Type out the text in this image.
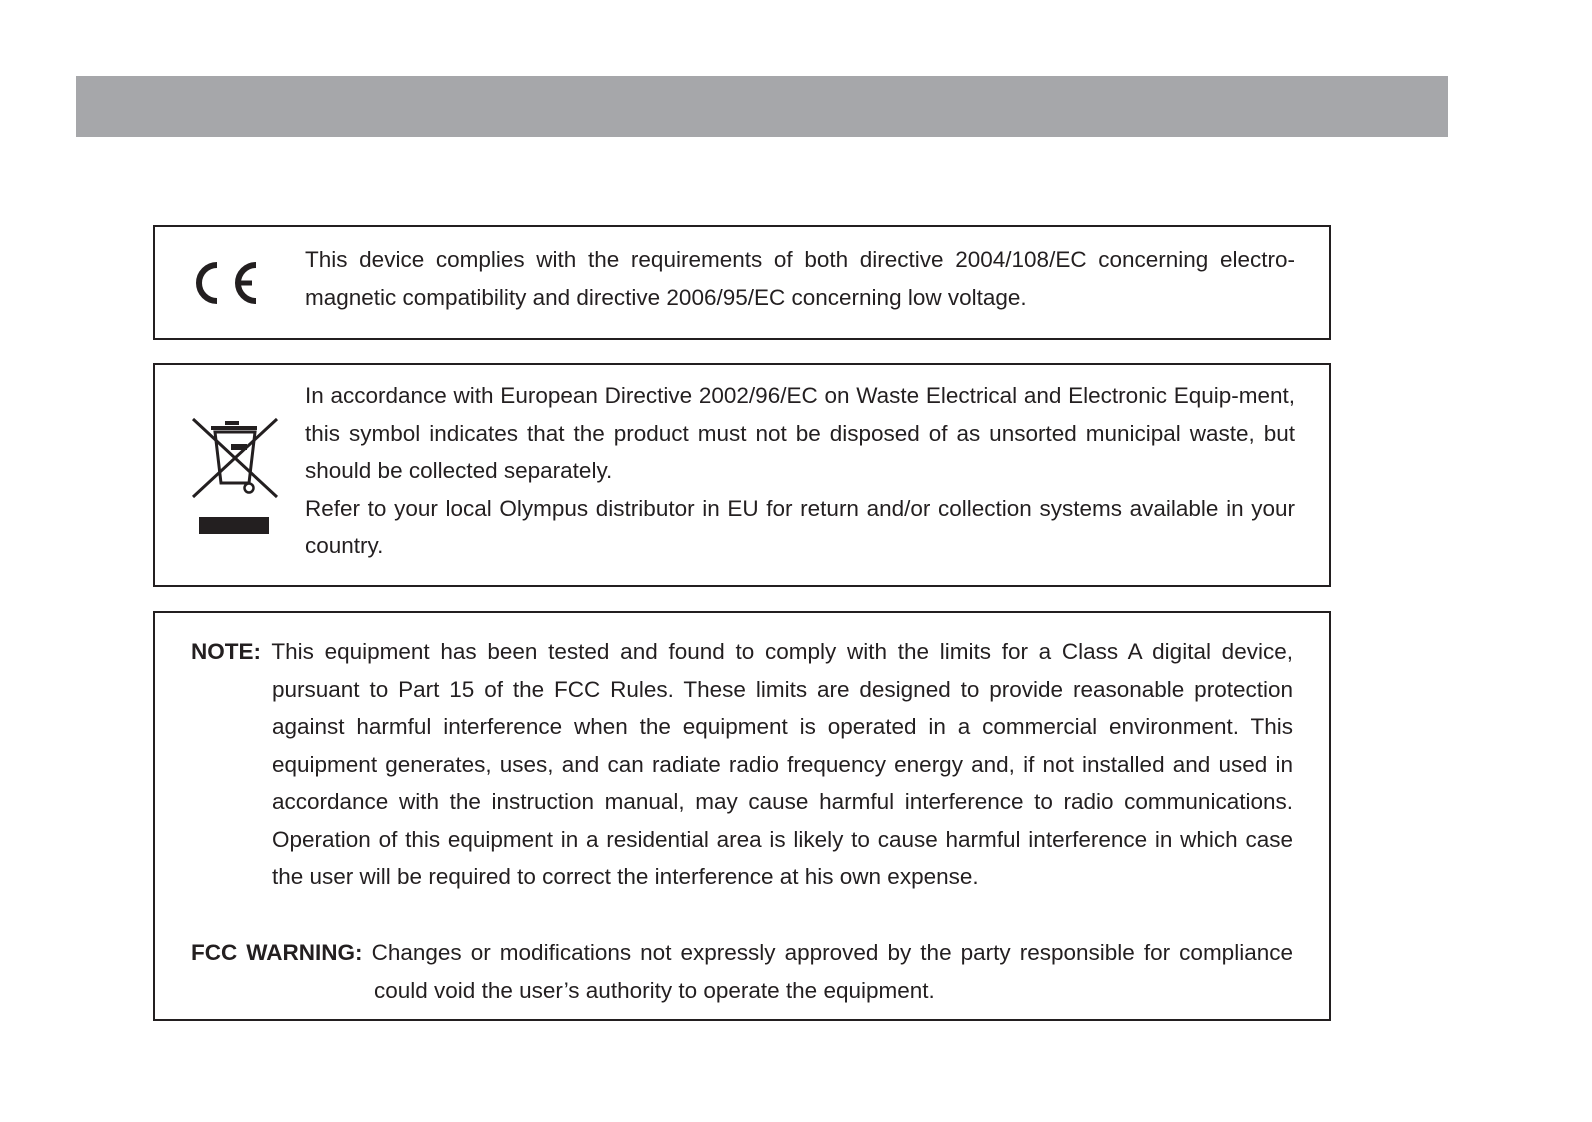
This device complies with the requirements of both directive 2004/108/EC concerning electro-magnetic compatibility and directive 2006/95/EC concerning low voltage.

In accordance with European Directive 2002/96/EC on Waste Electrical and Electronic Equip-ment, this symbol indicates that the product must not be disposed of as unsorted municipal waste, but should be collected separately.

Refer to your local Olympus distributor in EU for return and/or collection systems available in your country.

NOTE: This equipment has been tested and found to comply with the limits for a Class A digital device, pursuant to Part 15 of the FCC Rules. These limits are designed to provide reasonable protection against harmful interference when the equipment is operated in a commercial environment. This equipment generates, uses, and can radiate radio frequency energy and, if not installed and used in accordance with the instruction manual, may cause harmful interference to radio communications. Operation of this equipment in a residential area is likely to cause harmful interference in which case the user will be required to correct the interference at his own expense.
FCC WARNING: Changes or modifications not expressly approved by the party responsible for compliance could void the user’s authority to operate the equipment.
